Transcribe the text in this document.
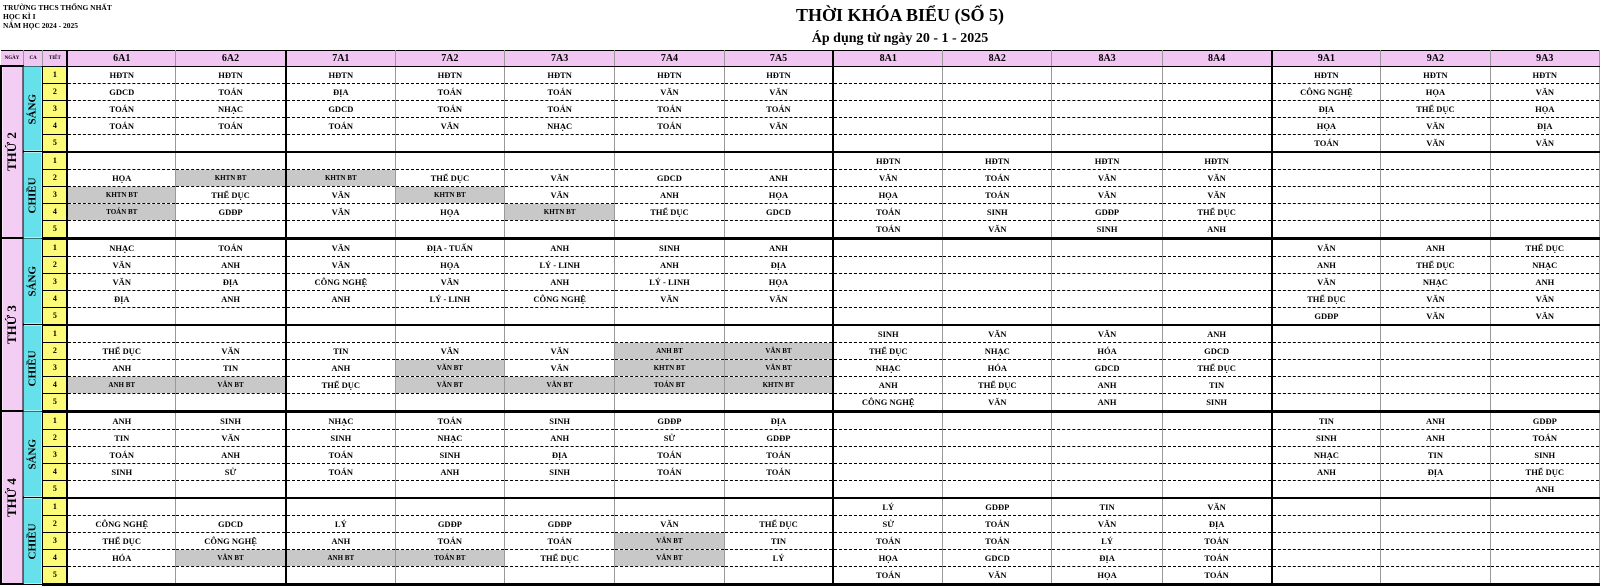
TRƯỜNG THCS THỐNG NHẤT
HỌC KÌ I
NĂM HỌC 2024 - 2025
THỜI KHÓA BIỂU (SỐ 5)
Áp dụng từ ngày 20 - 1 - 2025
NGÀY	CA	TIẾT	6A1	6A2	7A1	7A2	7A3	7A4	7A5	8A1	8A2	8A3	8A4	9A1	9A2	9A3
THỨ 2	SÁNG	1	HĐTN	HĐTN	HĐTN	HĐTN	HĐTN	HĐTN	HĐTN					HĐTN	HĐTN	HĐTN
		2	GDCD	TOÁN	ĐỊA	TOÁN	TOÁN	VĂN	VĂN					CÔNG NGHỆ	HỌA	VĂN
		3	TOÁN	NHẠC	GDCD	TOÁN	TOÁN	TOÁN	TOÁN					ĐỊA	THỂ DỤC	HỌA
		4	TOÁN	TOÁN	TOÁN	VĂN	NHẠC	TOÁN	VĂN					HỌA	VĂN	ĐỊA
		5												TOÁN	VĂN	VĂN
	CHIỀU	1								HĐTN	HĐTN	HĐTN	HĐTN			
		2	HỌA	KHTN BT	KHTN BT	THỂ DỤC	VĂN	GDCD	ANH	VĂN	TOÁN	VĂN	VĂN			
		3	KHTN BT	THỂ DỤC	VĂN	KHTN BT	VĂN	ANH	HỌA	HỌA	TOÁN	VĂN	VĂN			
		4	TOÁN BT	GDĐP	VĂN	HỌA	KHTN BT	THỂ DỤC	GDCD	TOÁN	SINH	GDĐP	THỂ DỤC			
		5								TOÁN	VĂN	SINH	ANH			
THỨ 3	SÁNG	1	NHẠC	TOÁN	VĂN	ĐỊA - TUẤN	ANH	SINH	ANH					VĂN	ANH	THỂ DỤC
		2	VĂN	ANH	VĂN	HỌA	LÝ - LINH	ANH	ĐỊA					ANH	THỂ DỤC	NHẠC
		3	VĂN	ĐỊA	CÔNG NGHỆ	VĂN	ANH	LÝ - LINH	HỌA					VĂN	NHẠC	ANH
		4	ĐỊA	ANH	ANH	LÝ - LINH	CÔNG NGHỆ	VĂN	VĂN					THỂ DỤC	VĂN	VĂN
		5												GDĐP	VĂN	VĂN
	CHIỀU	1								SINH	VĂN	VĂN	ANH			
		2	THỂ DỤC	VĂN	TIN	VĂN	VĂN	ANH BT	VĂN BT	THỂ DỤC	NHẠC	HÓA	GDCD			
		3	ANH	TIN	ANH	VĂN BT	VĂN	KHTN BT	VĂN BT	NHẠC	HÓA	GDCD	THỂ DỤC			
		4	ANH BT	VĂN BT	THỂ DỤC	VĂN BT	VĂN BT	TOÁN BT	KHTN BT	ANH	THỂ DỤC	ANH	TIN			
		5								CÔNG NGHỆ	VĂN	ANH	SINH			
THỨ 4	SÁNG	1	ANH	SINH	NHẠC	TOÁN	SINH	GDĐP	ĐỊA					TIN	ANH	GDĐP
		2	TIN	VĂN	SINH	NHẠC	ANH	SỬ	GDĐP					SINH	ANH	TOÁN
		3	TOÁN	ANH	TOÁN	SINH	ĐỊA	TOÁN	TOÁN					NHẠC	TIN	SINH
		4	SINH	SỬ	TOÁN	ANH	SINH	TOÁN	TOÁN					ANH	ĐỊA	THỂ DỤC
		5														ANH
	CHIỀU	1								LÝ	GDĐP	TIN	VĂN			
		2	CÔNG NGHỆ	GDCD	LÝ	GDĐP	GDĐP	VĂN	THỂ DỤC	SỬ	TOÁN	VĂN	ĐỊA			
		3	THỂ DỤC	CÔNG NGHỆ	ANH	TOÁN	TOÁN	VĂN BT	TIN	TOÁN	TOÁN	LÝ	TOÁN			
		4	HÓA	VĂN BT	ANH BT	TOÁN BT	THỂ DỤC	VĂN BT	LÝ	HỌA	GDCD	ĐỊA	TOÁN			
		5								TOÁN	VĂN	HỌA	TOÁN			
